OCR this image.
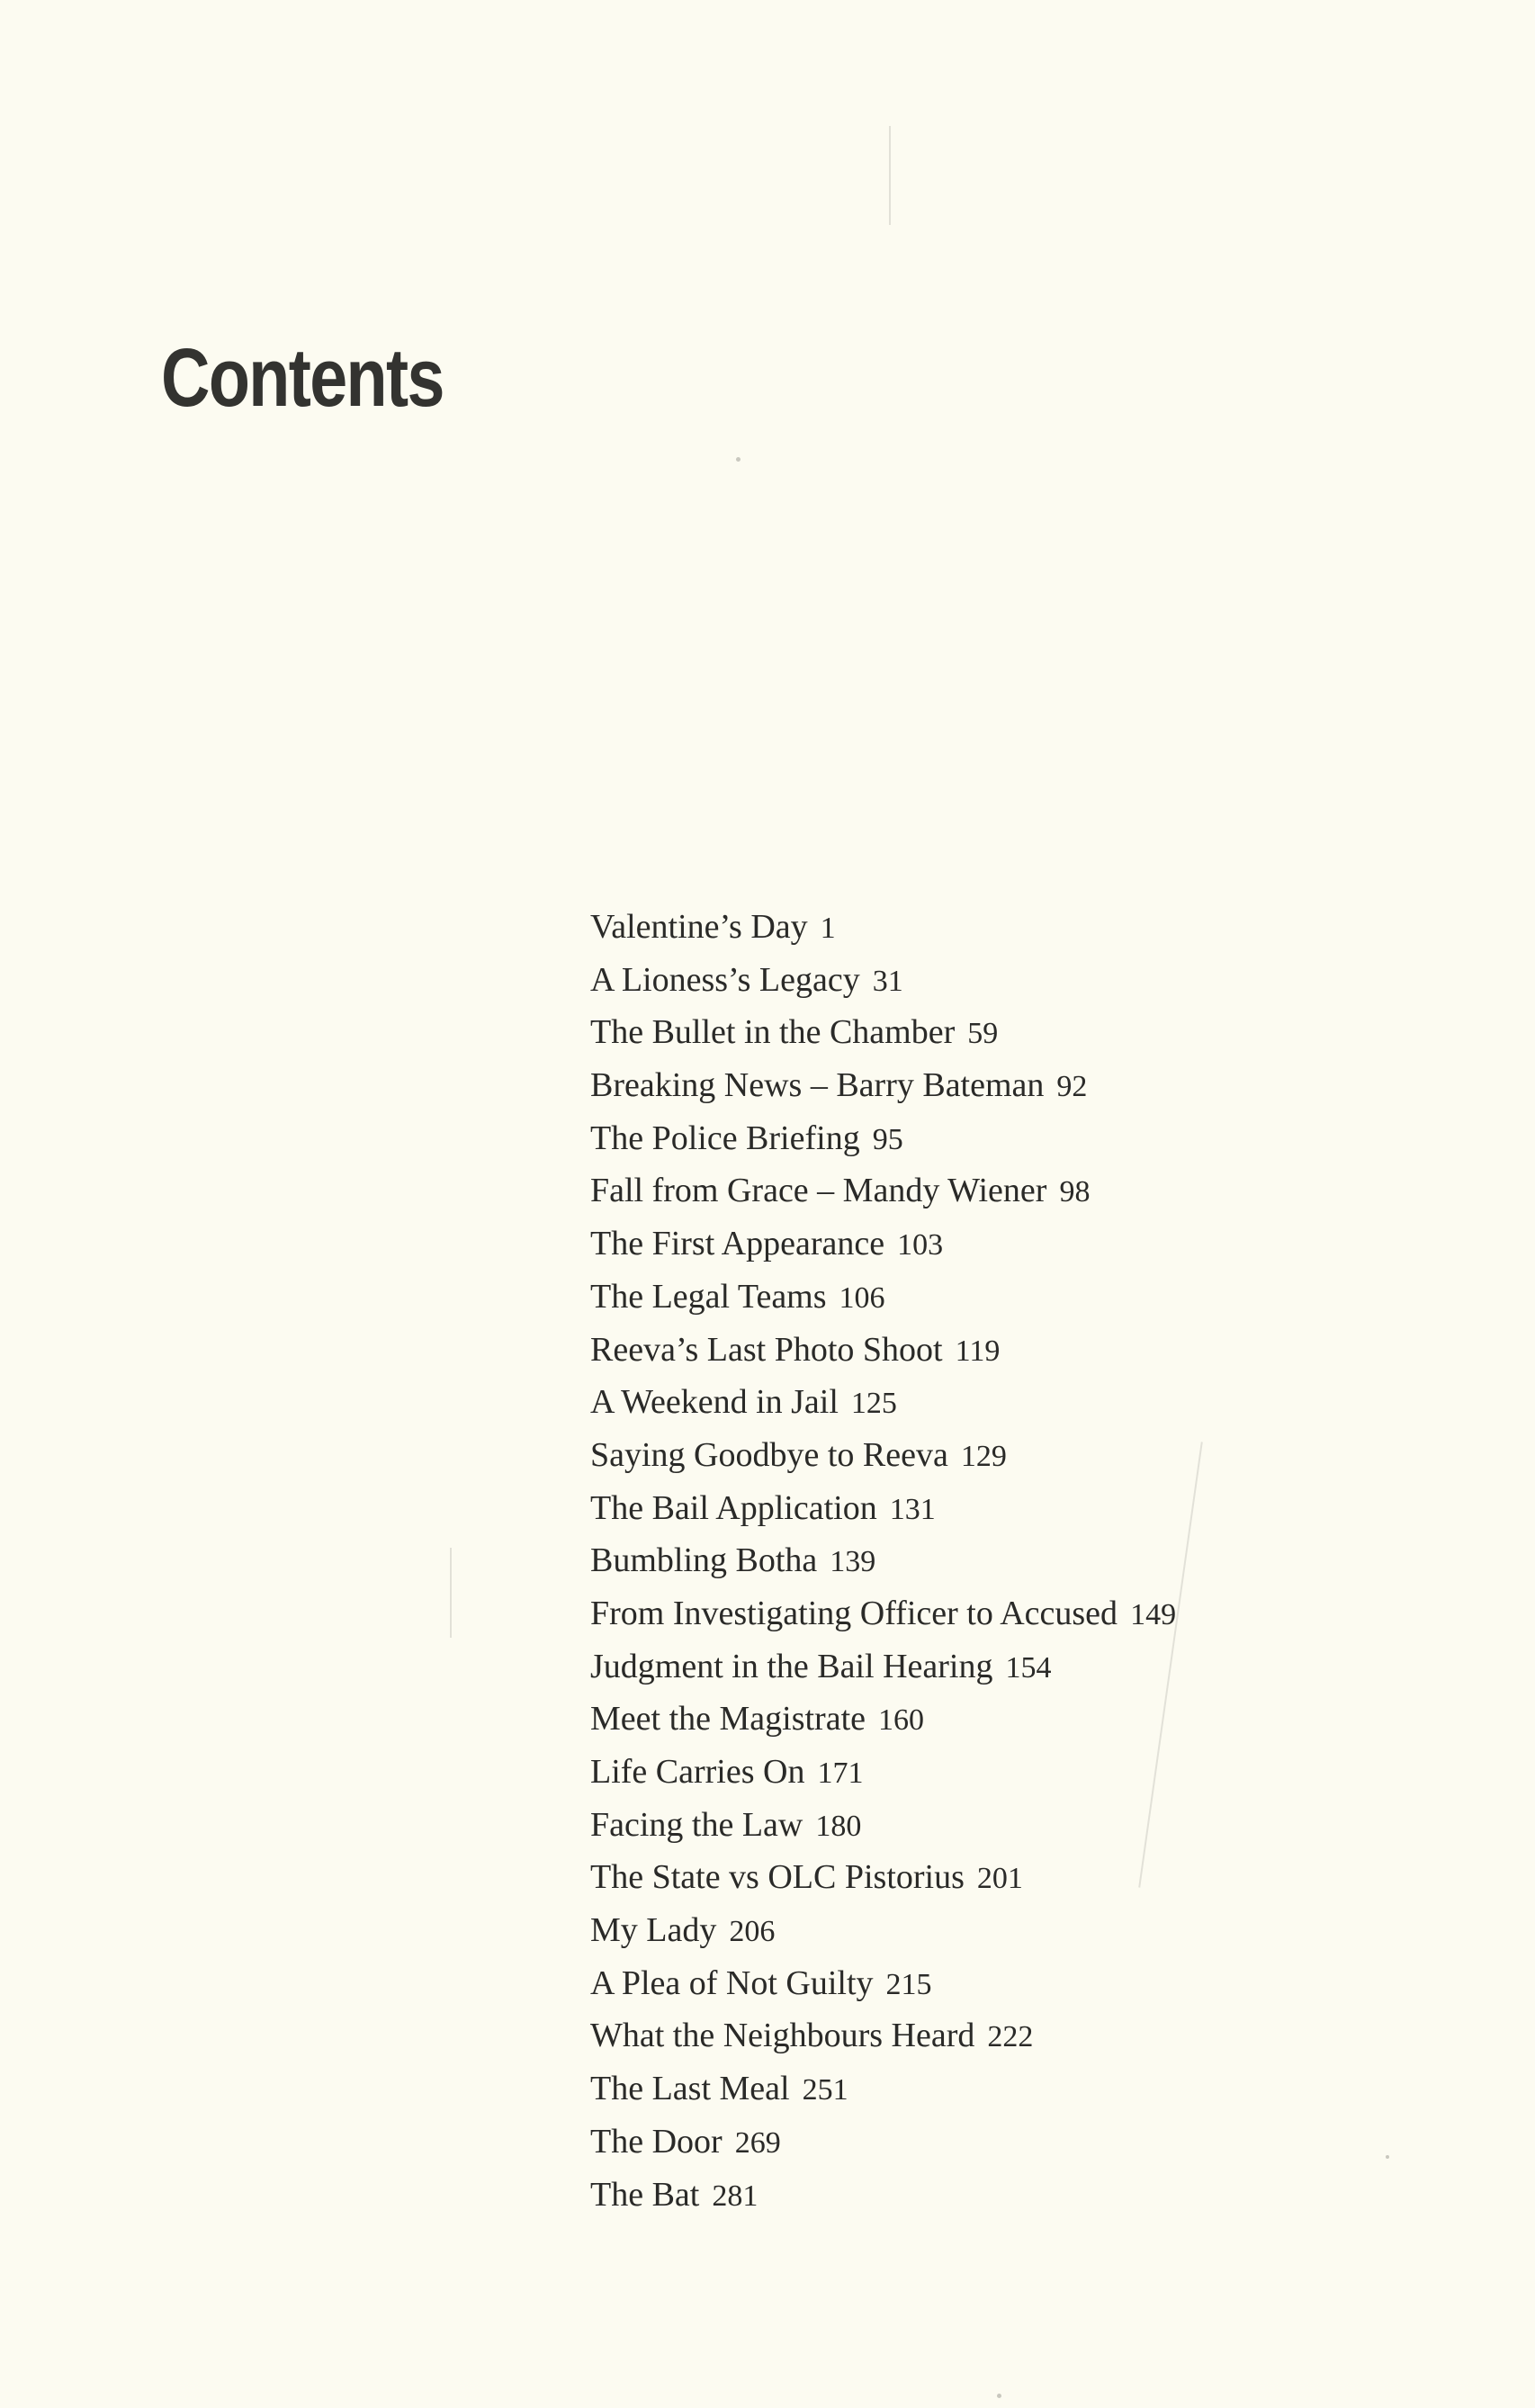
Contents
Valentine’s Day 1
A Lioness’s Legacy 31
The Bullet in the Chamber 59
Breaking News – Barry Bateman 92
The Police Briefing 95
Fall from Grace – Mandy Wiener 98
The First Appearance 103
The Legal Teams 106
Reeva’s Last Photo Shoot 119
A Weekend in Jail 125
Saying Goodbye to Reeva 129
The Bail Application 131
Bumbling Botha 139
From Investigating Officer to Accused 149
Judgment in the Bail Hearing 154
Meet the Magistrate 160
Life Carries On 171
Facing the Law 180
The State vs OLC Pistorius 201
My Lady 206
A Plea of Not Guilty 215
What the Neighbours Heard 222
The Last Meal 251
The Door 269
The Bat 281
